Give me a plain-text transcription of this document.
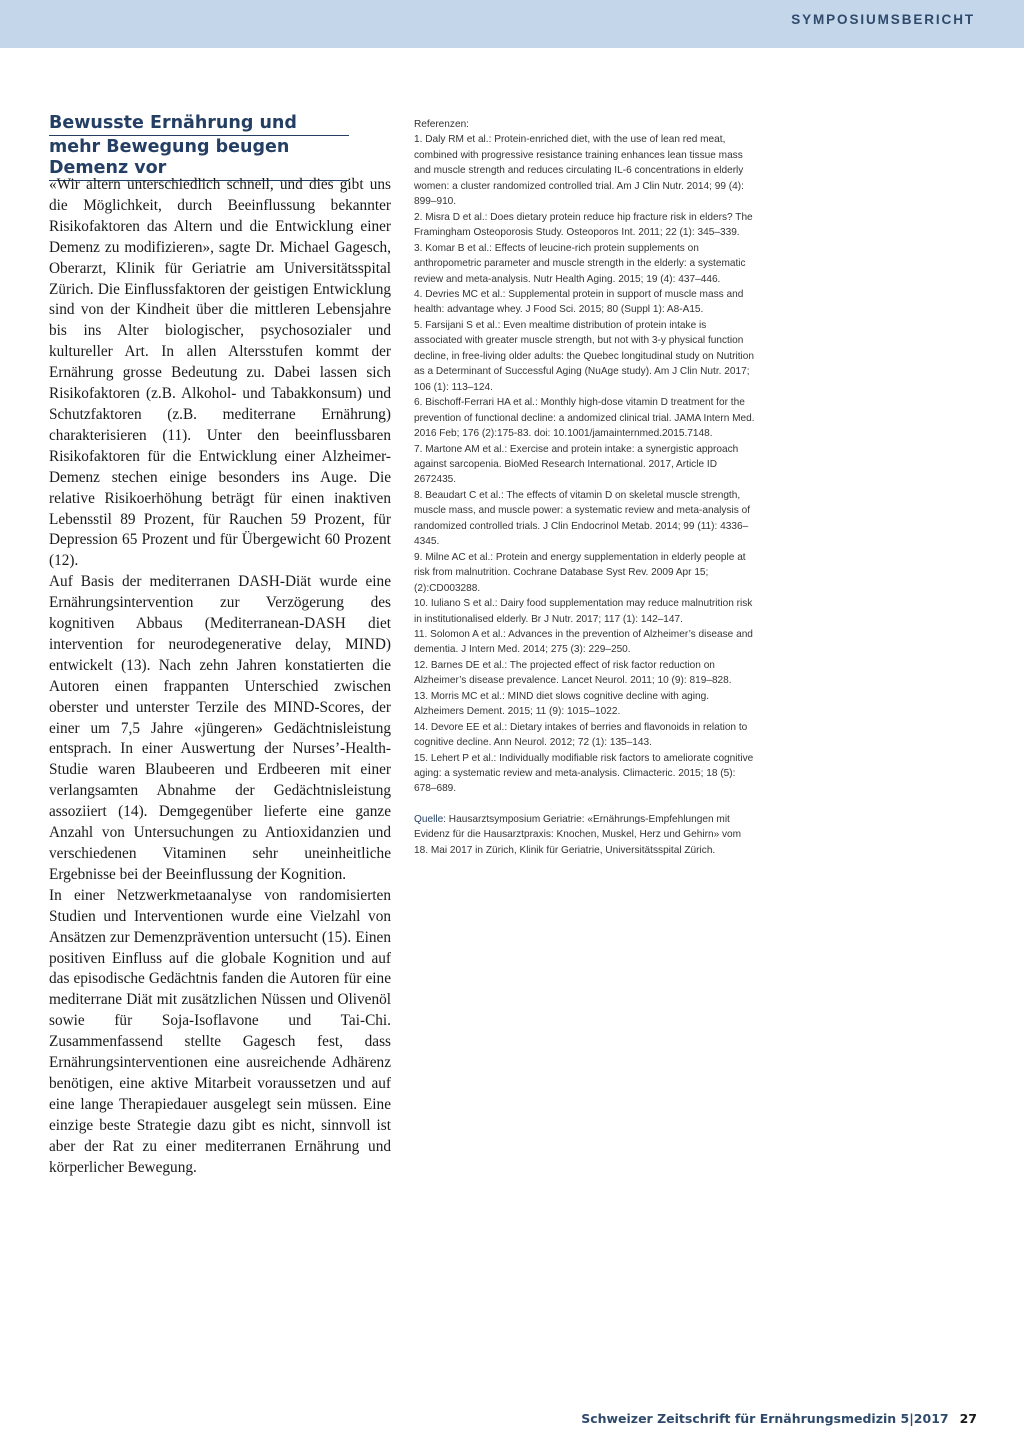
SYMPOSIUMSBERICHT
Bewusste Ernährung und
mehr Bewegung beugen Demenz vor

«Wir altern unterschiedlich schnell, und dies gibt uns die Möglichkeit, durch Beeinflussung bekannter Risikofaktoren das Altern und die Entwicklung einer Demenz zu modifizieren», sagte Dr. Michael Gagesch, Oberarzt, Klinik für Geriatrie am Universitätsspital Zürich. Die Einflussfaktoren der geistigen Entwicklung sind von der Kindheit über die mittleren Lebensjahre bis ins Alter biologischer, psychosozialer und kultureller Art. In allen Altersstufen kommt der Ernährung grosse Bedeutung zu. Dabei lassen sich Risikofaktoren (z.B. Alkohol- und Tabakkonsum) und Schutzfaktoren (z.B. mediterrane Ernährung) charakterisieren (11). Unter den beeinflussbaren Risikofaktoren für die Entwicklung einer Alzheimer-Demenz stechen einige besonders ins Auge. Die relative Risikoerhöhung beträgt für einen inaktiven Lebensstil 89 Prozent, für Rauchen 59 Prozent, für Depression 65 Prozent und für Übergewicht 60 Prozent (12).

Auf Basis der mediterranen DASH-Diät wurde eine Ernährungsintervention zur Verzögerung des kognitiven Abbaus (Mediterranean-DASH diet intervention for neurodegenerative delay, MIND) entwickelt (13). Nach zehn Jahren konstatierten die Autoren einen frappanten Unterschied zwischen oberster und unterster Terzile des MIND-Scores, der einer um 7,5 Jahre «jüngeren» Gedächtnisleistung entsprach. In einer Auswertung der Nurses’-Health-Studie waren Blaubeeren und Erdbeeren mit einer verlangsamten Abnahme der Gedächtnisleistung assoziiert (14). Demgegenüber lieferte eine ganze Anzahl von Untersuchungen zu Antioxidanzien und verschiedenen Vitaminen sehr uneinheitliche Ergebnisse bei der Beeinflussung der Kognition.

In einer Netzwerkmetaanalyse von randomisierten Studien und Interventionen wurde eine Vielzahl von Ansätzen zur Demenzprävention untersucht (15). Einen positiven Einfluss auf die globale Kognition und auf das episodische Gedächtnis fanden die Autoren für eine mediterrane Diät mit zusätzlichen Nüssen und Olivenöl sowie für Soja-Isoflavone und Tai-Chi. Zusammenfassend stellte Gagesch fest, dass Ernährungsinterventionen eine ausreichende Adhärenz benötigen, eine aktive Mitarbeit voraussetzen und auf eine lange Therapiedauer ausgelegt sein müssen. Eine einzige beste Strategie dazu gibt es nicht, sinnvoll ist aber der Rat zu einer mediterranen Ernährung und körperlicher Bewegung.

Referenzen:

1. Daly RM et al.: Protein-enriched diet, with the use of lean red meat, combined with progressive resistance training enhances lean tissue mass and muscle strength and reduces circulating IL-6 concentrations in elderly women: a cluster randomized controlled trial. Am J Clin Nutr. 2014; 99 (4): 899–910.
2. Misra D et al.: Does dietary protein reduce hip fracture risk in elders? The Framingham Osteoporosis Study. Osteoporos Int. 2011; 22 (1): 345–339.
3. Komar B et al.: Effects of leucine-rich protein supplements on anthropometric parameter and muscle strength in the elderly: a systematic review and meta-analysis. Nutr Health Aging. 2015; 19 (4): 437–446.
4. Devries MC et al.: Supplemental protein in support of muscle mass and health: advantage whey. J Food Sci. 2015; 80 (Suppl 1): A8-A15.
5. Farsijani S et al.: Even mealtime distribution of protein intake is associated with greater muscle strength, but not with 3-y physical function decline, in free-living older adults: the Quebec longitudinal study on Nutrition as a Determinant of Successful Aging (NuAge study). Am J Clin Nutr. 2017; 106 (1): 113–124.
6. Bischoff-Ferrari HA et al.: Monthly high-dose vitamin D treatment for the prevention of functional decline: a andomized clinical trial. JAMA Intern Med. 2016 Feb; 176 (2):175-83. doi: 10.1001/jamainternmed.2015.7148.
7. Martone AM et al.: Exercise and protein intake: a synergistic approach against sarcopenia. BioMed Research International. 2017, Article ID 2672435.
8. Beaudart C et al.: The effects of vitamin D on skeletal muscle strength, muscle mass, and muscle power: a systematic review and meta-analysis of randomized controlled trials. J Clin Endocrinol Metab. 2014; 99 (11): 4336–4345.
9. Milne AC et al.: Protein and energy supplementation in elderly people at risk from malnutrition. Cochrane Database Syst Rev. 2009 Apr 15;(2):CD003288.
10. Iuliano S et al.: Dairy food supplementation may reduce malnutrition risk in institutionalised elderly. Br J Nutr. 2017; 117 (1): 142–147.
11. Solomon A et al.: Advances in the prevention of Alzheimer’s disease and dementia. J Intern Med. 2014; 275 (3): 229–250.
12. Barnes DE et al.: The projected effect of risk factor reduction on Alzheimer’s disease prevalence. Lancet Neurol. 2011; 10 (9): 819–828.
13. Morris MC et al.: MIND diet slows cognitive decline with aging. Alzheimers Dement. 2015; 11 (9): 1015–1022.
14. Devore EE et al.: Dietary intakes of berries and flavonoids in relation to cognitive decline. Ann Neurol. 2012; 72 (1): 135–143.
15. Lehert P et al.: Individually modifiable risk factors to ameliorate cognitive aging: a systematic review and meta-analysis. Climacteric. 2015; 18 (5): 678–689.

Quelle: Hausarztsymposium Geriatrie: «Ernährungs-Empfehlungen mit Evidenz für die Hausarztpraxis: Knochen, Muskel, Herz und Gehirn» vom 18. Mai 2017 in Zürich, Klinik für Geriatrie, Universitätsspital Zürich.

Schweizer Zeitschrift für Ernährungsmedizin 5|2017 27
